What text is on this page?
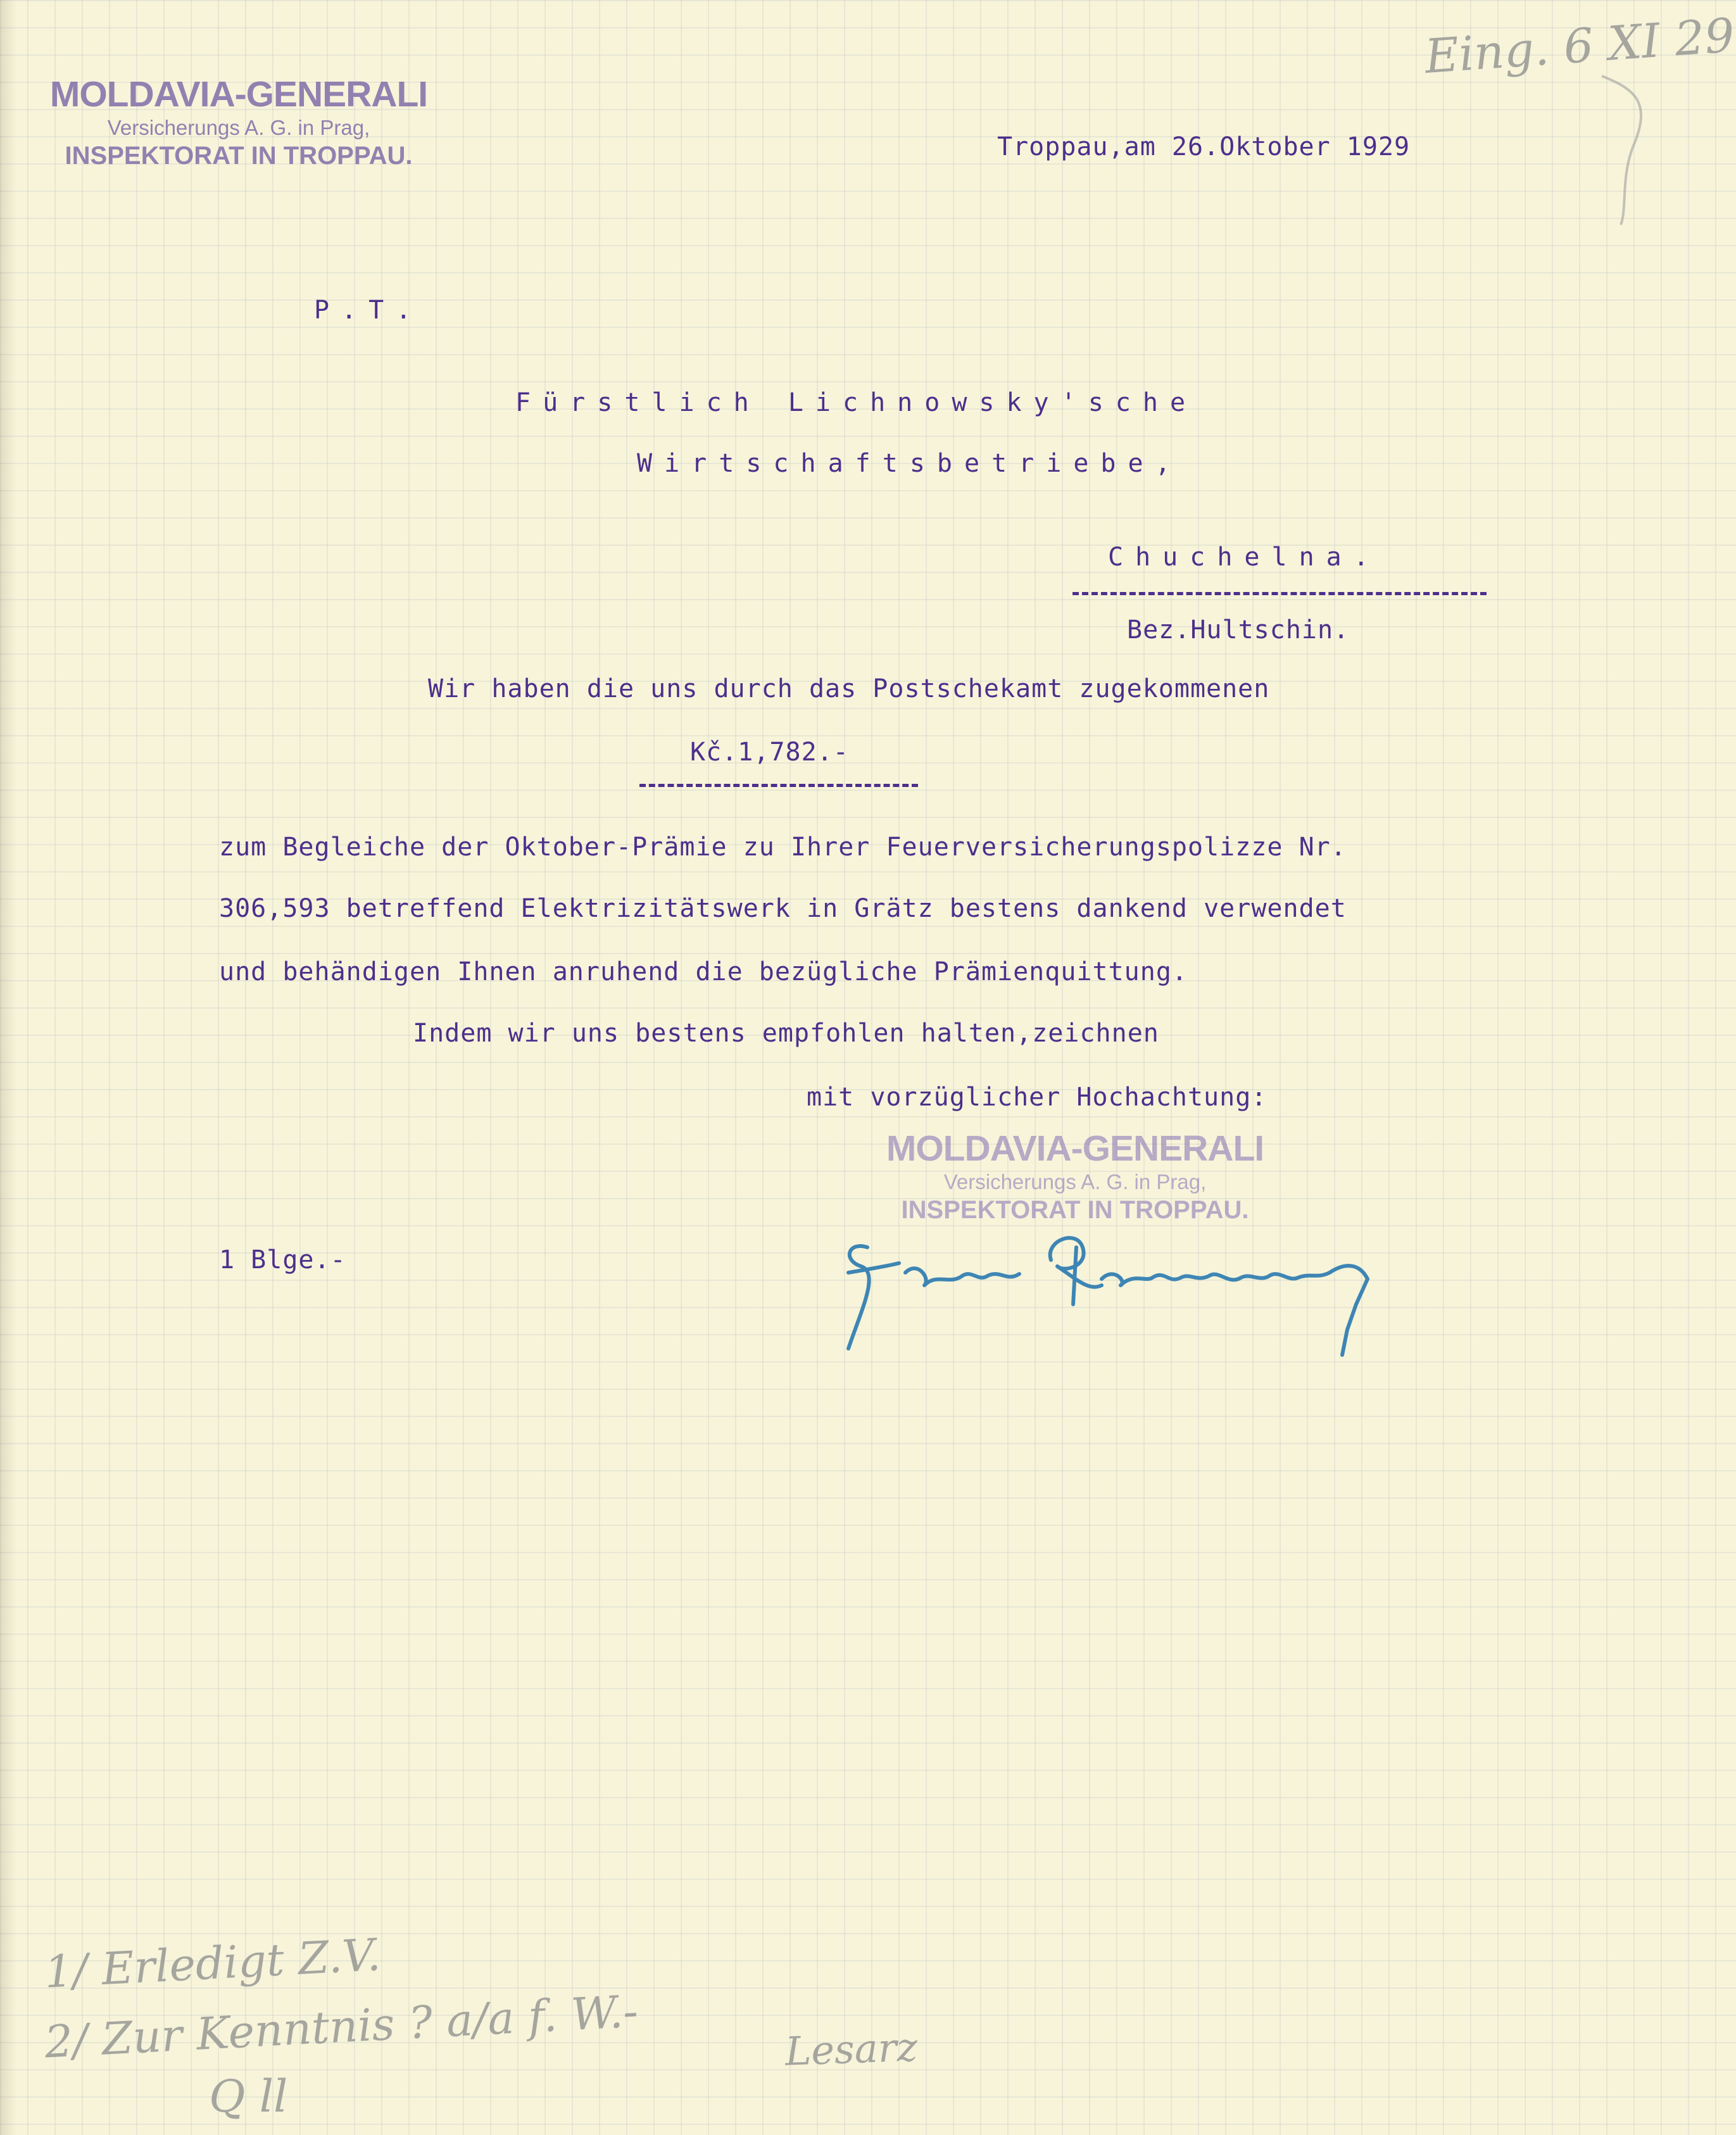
MOLDAVIA-GENERALI
Versicherungs A. G. in Prag,
INSPEKTORAT IN TROPPAU.
Eing. 6 XI 29
Troppau,am 26.Oktober 1929
P.T.
Fürstlich Lichnowsky'sche
Wirtschaftsbetriebe,
Chuchelna.
Bez.Hultschin.
Wir haben die uns durch das Postschekamt zugekommenen
Kč.1,782.-
zum Begleiche der Oktober-Prämie zu Ihrer Feuerversicherungspolizze Nr.
306,593 betreffend Elektrizitätswerk in Grätz bestens dankend verwendet
und behändigen Ihnen anruhend die bezügliche Prämienquittung.
Indem wir uns bestens empfohlen halten,zeichnen
mit vorzüglicher Hochachtung:
MOLDAVIA-GENERALI
Versicherungs A. G. in Prag,
INSPEKTORAT IN TROPPAU.
1 Blge.-
1/ Erledigt Z.V.
2/ Zur Kenntnis ? a/a f. W.-
Q ll
Lesarz
